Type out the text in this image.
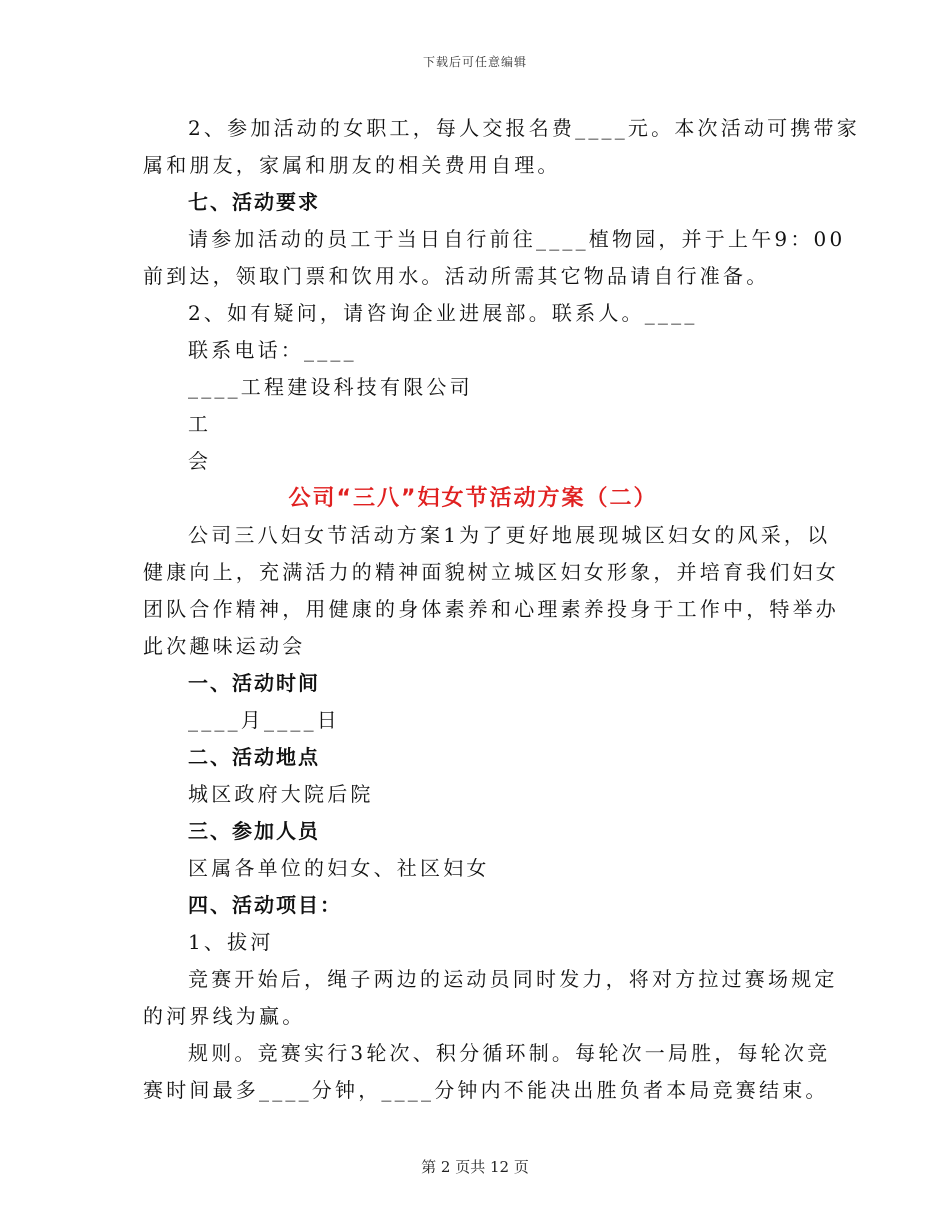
下载后可任意编辑
2、参加活动的女职工，每人交报名费____元。本次活动可携带家
属和朋友，家属和朋友的相关费用自理。
七、活动要求
请参加活动的员工于当日自行前往____植物园，并于上午9：00
前到达，领取门票和饮用水。活动所需其它物品请自行准备。
2、如有疑问，请咨询企业进展部。联系人。____
联系电话：____
____工程建设科技有限公司
工
会
公司“三八”妇女节活动方案（二）
公司三八妇女节活动方案1为了更好地展现城区妇女的风采，以
健康向上，充满活力的精神面貌树立城区妇女形象，并培育我们妇女
团队合作精神，用健康的身体素养和心理素养投身于工作中，特举办
此次趣味运动会
一、活动时间
____月____日
二、活动地点
城区政府大院后院
三、参加人员
区属各单位的妇女、社区妇女
四、活动项目：
1、拔河
竞赛开始后，绳子两边的运动员同时发力，将对方拉过赛场规定
的河界线为赢。
规则。竞赛实行3轮次、积分循环制。每轮次一局胜，每轮次竞
赛时间最多____分钟，____分钟内不能决出胜负者本局竞赛结束。
第 2 页共 12 页
